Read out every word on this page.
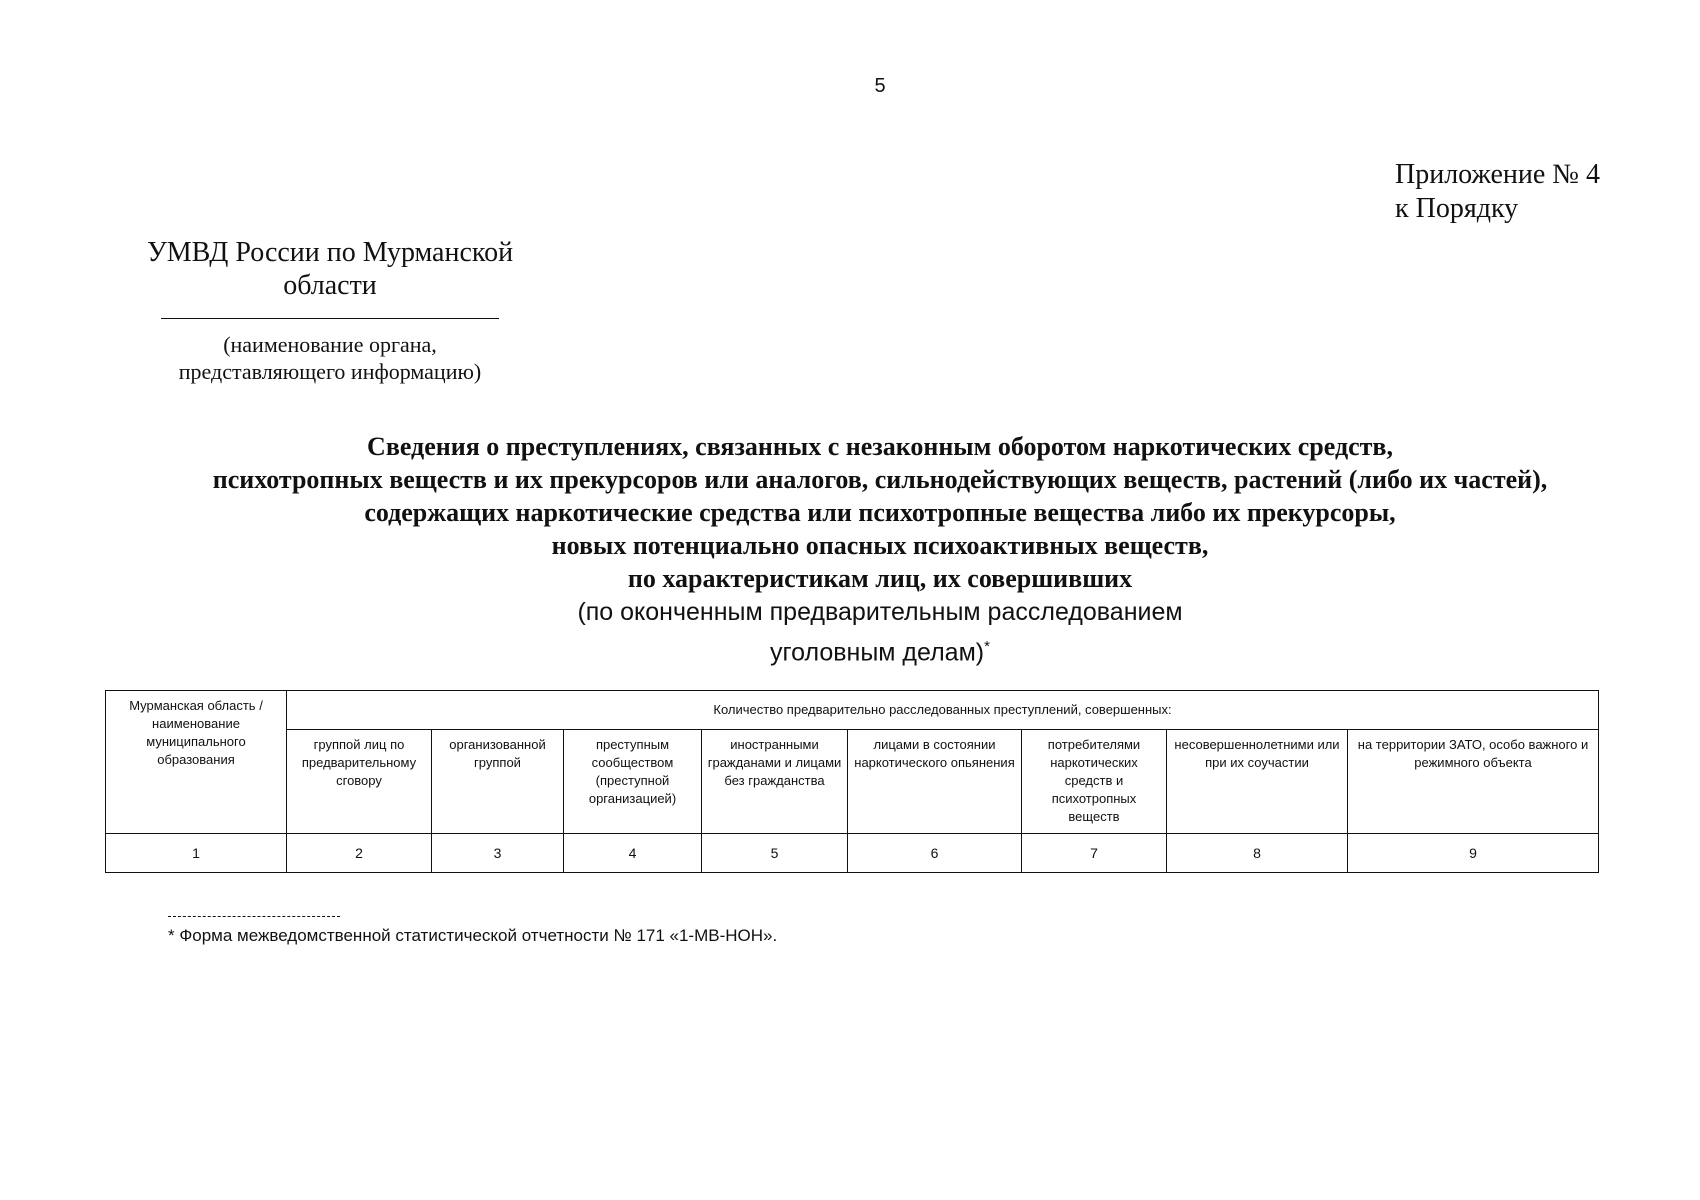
5
Приложение № 4
к Порядку
УМВД России по Мурманской
области
(наименование органа,
представляющего информацию)
Сведения о преступлениях, связанных с незаконным оборотом наркотических средств,
психотропных веществ и их прекурсоров или аналогов, сильнодействующих веществ, растений (либо их частей),
содержащих наркотические средства или психотропные вещества либо их прекурсоры,
новых потенциально опасных психоактивных веществ,
по характеристикам лиц, их совершивших
(по оконченным предварительным расследованием
уголовным делам)*
Мурманская область / наименование муниципального образования	Количество предварительно расследованных преступлений, совершенных:							
	группой лиц по предварительному сговору	организованной группой	преступным сообществом (преступной организацией)	иностранными гражданами и лицами без гражданства	лицами в состоянии наркотического опьянения	потребителями наркотических средств и психотропных веществ	несовершеннолетними или при их соучастии	на территории ЗАТО, особо важного и режимного объекта
1	2	3	4	5	6	7	8	9
* Форма межведомственной статистической отчетности № 171 «1-МВ-НОН».
